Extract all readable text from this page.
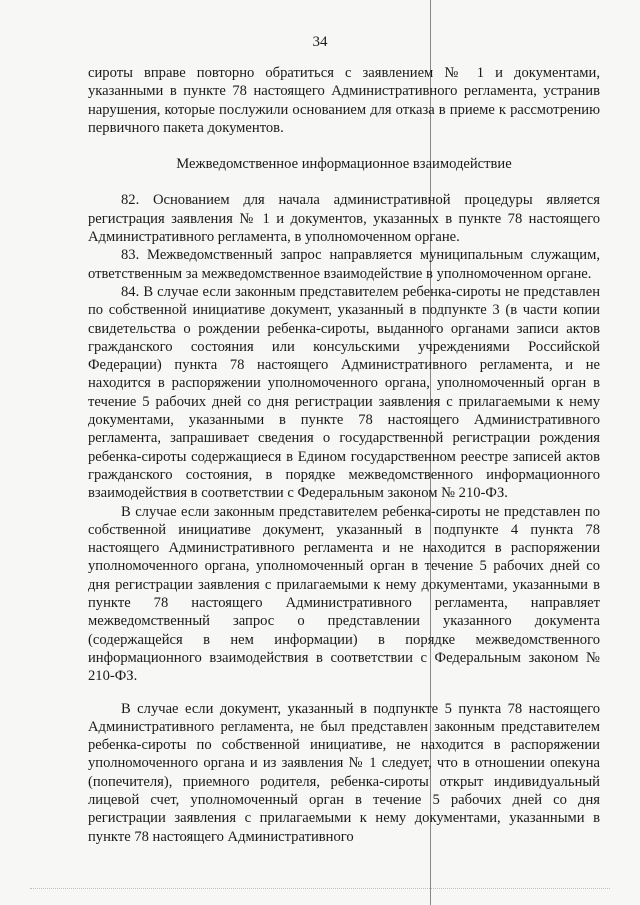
34

сироты вправе повторно обратиться с заявлением № 1 и документами, указанными в пункте 78 настоящего Административного регламента, устранив нарушения, которые послужили основанием для отказа в приеме к рассмотрению первичного пакета документов.

Межведомственное информационное взаимодействие

82. Основанием для начала административной процедуры является регистрация заявления № 1 и документов, указанных в пункте 78 настоящего Административного регламента, в уполномоченном органе.

83. Межведомственный запрос направляется муниципальным служащим, ответственным за межведомственное взаимодействие в уполномоченном органе.

84. В случае если законным представителем ребенка-сироты не представлен по собственной инициативе документ, указанный в подпункте 3 (в части копии свидетельства о рождении ребенка-сироты, выданного органами записи актов гражданского состояния или консульскими учреждениями Российской Федерации) пункта 78 настоящего Административного регламента, и не находится в распоряжении уполномоченного органа, уполномоченный орган в течение 5 рабочих дней со дня регистрации заявления с прилагаемыми к нему документами, указанными в пункте 78 настоящего Административного регламента, запрашивает сведения о государственной регистрации рождения ребенка-сироты содержащиеся в Едином государственном реестре записей актов гражданского состояния, в порядке межведомственного информационного взаимодействия в соответствии с Федеральным законом № 210-ФЗ.

В случае если законным представителем ребенка-сироты не представлен по собственной инициативе документ, указанный в подпункте 4 пункта 78 настоящего Административного регламента и не находится в распоряжении уполномоченного органа, уполномоченный орган в течение 5 рабочих дней со дня регистрации заявления с прилагаемыми к нему документами, указанными в пункте 78 настоящего Административного регламента, направляет межведомственный запрос о представлении указанного документа (содержащейся в нем информации) в порядке межведомственного информационного взаимодействия в соответствии с Федеральным законом № 210-ФЗ.

В случае если документ, указанный в подпункте 5 пункта 78 настоящего Административного регламента, не был представлен законным представителем ребенка-сироты по собственной инициативе, не находится в распоряжении уполномоченного органа и из заявления № 1 следует, что в отношении опекуна (попечителя), приемного родителя, ребенка-сироты открыт индивидуальный лицевой счет, уполномоченный орган в течение 5 рабочих дней со дня регистрации заявления с прилагаемыми к нему документами, указанными в пункте 78 настоящего Административного
